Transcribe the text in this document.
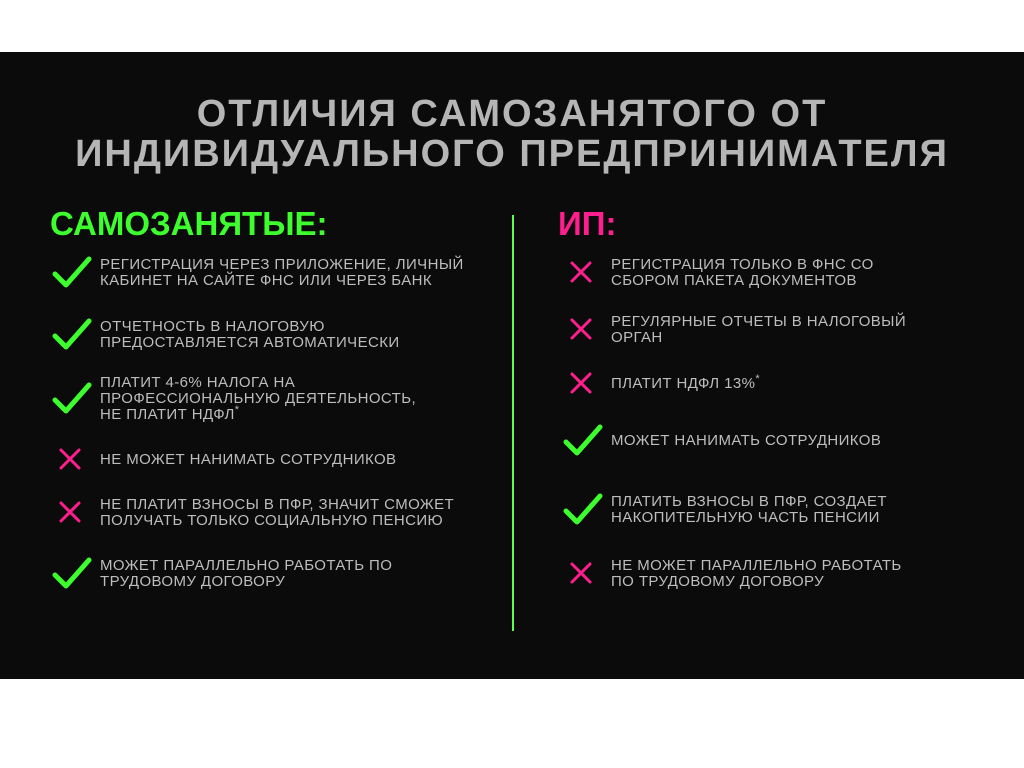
ОТЛИЧИЯ САМОЗАНЯТОГО ОТ
ИНДИВИДУАЛЬНОГО ПРЕДПРИНИМАТЕЛЯ
САМОЗАНЯТЫЕ:	ИП:
РЕГИСТРАЦИЯ ЧЕРЕЗ ПРИЛОЖЕНИЕ, ЛИЧНЫЙ
КАБИНЕТ НА САЙТЕ ФНС ИЛИ ЧЕРЕЗ БАНК
ОТЧЕТНОСТЬ В НАЛОГОВУЮ
ПРЕДОСТАВЛЯЕТСЯ АВТОМАТИЧЕСКИ
ПЛАТИТ 4-6% НАЛОГА НА
ПРОФЕССИОНАЛЬНУЮ ДЕЯТЕЛЬНОСТЬ,
НЕ ПЛАТИТ НДФЛ*
НЕ МОЖЕТ НАНИМАТЬ СОТРУДНИКОВ
НЕ ПЛАТИТ ВЗНОСЫ В ПФР, ЗНАЧИТ СМОЖЕТ
ПОЛУЧАТЬ ТОЛЬКО СОЦИАЛЬНУЮ ПЕНСИЮ
МОЖЕТ ПАРАЛЛЕЛЬНО РАБОТАТЬ ПО
ТРУДОВОМУ ДОГОВОРУ
РЕГИСТРАЦИЯ ТОЛЬКО В ФНС СО
СБОРОМ ПАКЕТА ДОКУМЕНТОВ
РЕГУЛЯРНЫЕ ОТЧЕТЫ В НАЛОГОВЫЙ
ОРГАН
ПЛАТИТ НДФЛ 13%*
МОЖЕТ НАНИМАТЬ СОТРУДНИКОВ
ПЛАТИТЬ ВЗНОСЫ В ПФР, СОЗДАЕТ
НАКОПИТЕЛЬНУЮ ЧАСТЬ ПЕНСИИ
НЕ МОЖЕТ ПАРАЛЛЕЛЬНО РАБОТАТЬ
ПО ТРУДОВОМУ ДОГОВОРУ
